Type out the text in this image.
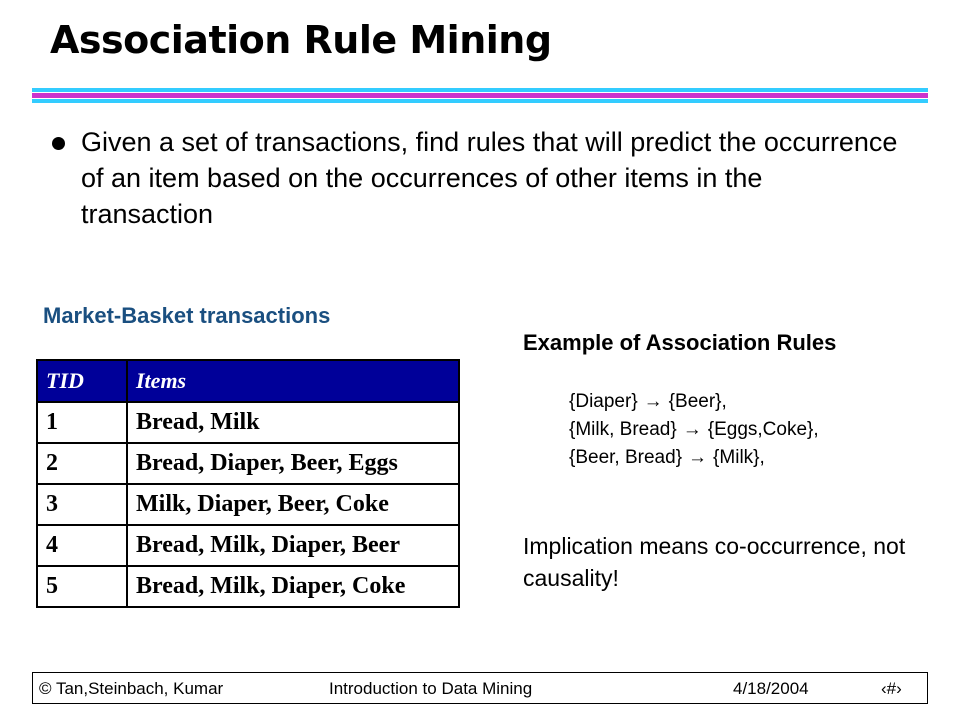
Association Rule Mining
Given a set of transactions, find rules that will predict the occurrence of an item based on the occurrences of other items in the transaction
Market-Basket transactions
TID	Items
1	Bread, Milk
2	Bread, Diaper, Beer, Eggs
3	Milk, Diaper, Beer, Coke
4	Bread, Milk, Diaper, Beer
5	Bread, Milk, Diaper, Coke
Example of Association Rules
{Diaper} → {Beer},
{Milk, Bread} → {Eggs,Coke},
{Beer, Bread} → {Milk},
Implication means co-occurrence, not causality!
© Tan,Steinbach, Kumar	Introduction to Data Mining	4/18/2004	‹#›
